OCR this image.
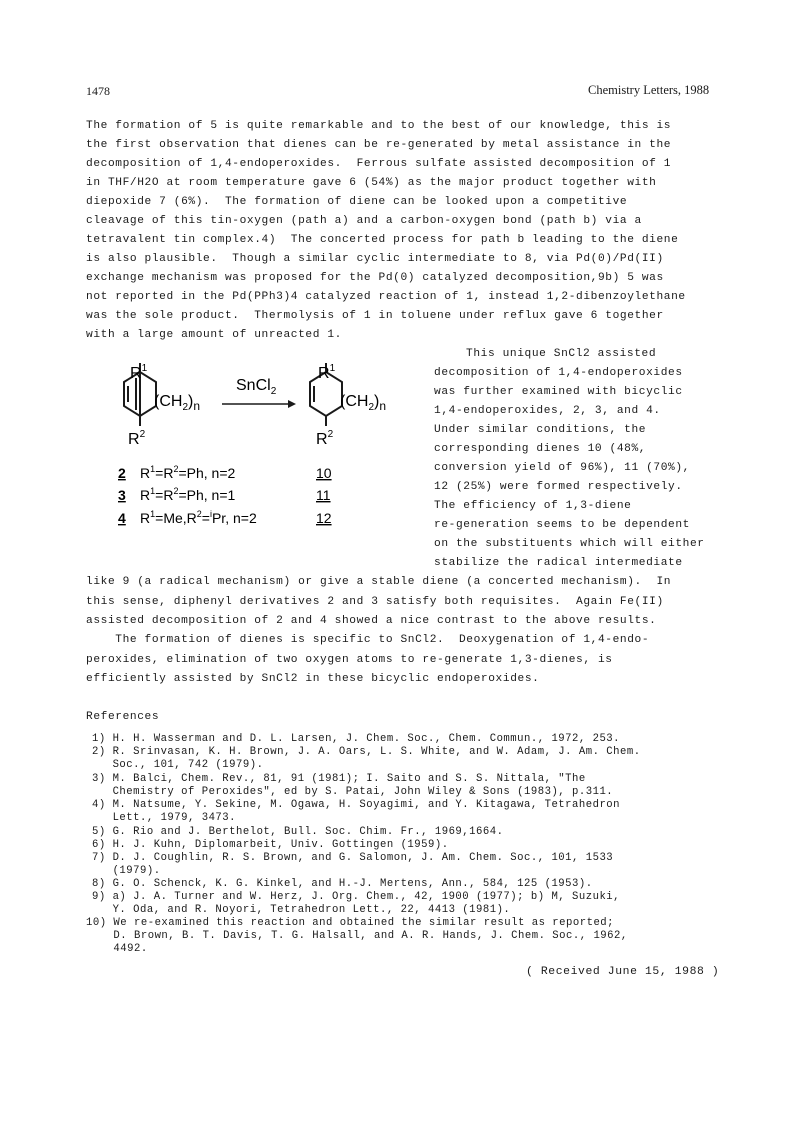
1478	Chemistry Letters, 1988
The formation of 5 is quite remarkable and to the best of our knowledge, this is
the first observation that dienes can be re-generated by metal assistance in the
decomposition of 1,4-endoperoxides.  Ferrous sulfate assisted decomposition of 1
in THF/H2O at room temperature gave 6 (54%) as the major product together with
diepoxide 7 (6%).  The formation of diene can be looked upon a competitive
cleavage of this tin-oxygen (path a) and a carbon-oxygen bond (path b) via a
tetravalent tin complex.4)  The concerted process for path b leading to the diene
is also plausible.  Though a similar cyclic intermediate to 8, via Pd(0)/Pd(II)
exchange mechanism was proposed for the Pd(0) catalyzed decomposition,9b) 5 was
not reported in the Pd(PPh3)4 catalyzed reaction of 1, instead 1,2-dibenzoylethane
was the sole product.  Thermolysis of 1 in toluene under reflux gave 6 together
with a large amount of unreacted 1.
$R^1$
$R^2$
$(CH_2)_n$
SnCl$_2$
$R^1$
$R^2$
$(CH_2)_n$
2 $R^1=R^2=Ph$, n=2	10
3 $R^1=R^2=Ph$, n=1	11
4 $R^1=Me,R^2=^iPr$, n=2	12
This unique SnCl2 assisted
decomposition of 1,4-endoperoxides
was further examined with bicyclic
1,4-endoperoxides, 2, 3, and 4.
Under similar conditions, the
corresponding dienes 10 (48%,
conversion yield of 96%), 11 (70%),
12 (25%) were formed respectively.
The efficiency of 1,3-diene
re-generation seems to be dependent
on the substituents which will either
stabilize the radical intermediate
like 9 (a radical mechanism) or give a stable diene (a concerted mechanism).  In
this sense, diphenyl derivatives 2 and 3 satisfy both requisites.  Again Fe(II)
assisted decomposition of 2 and 4 showed a nice contrast to the above results.
The formation of dienes is specific to SnCl2.  Deoxygenation of 1,4-endo-
peroxides, elimination of two oxygen atoms to re-generate 1,3-dienes, is
efficiently assisted by SnCl2 in these bicyclic endoperoxides.
References
1) H. H. Wasserman and D. L. Larsen, J. Chem. Soc., Chem. Commun., 1972, 253.
2) R. Srinvasan, K. H. Brown, J. A. Oars, L. S. White, and W. Adam, J. Am. Chem.
Soc., 101, 742 (1979).
3) M. Balci, Chem. Rev., 81, 91 (1981); I. Saito and S. S. Nittala, "The
Chemistry of Peroxides", ed by S. Patai, John Wiley & Sons (1983), p.311.
4) M. Natsume, Y. Sekine, M. Ogawa, H. Soyagimi, and Y. Kitagawa, Tetrahedron
Lett., 1979, 3473.
5) G. Rio and J. Berthelot, Bull. Soc. Chim. Fr., 1969,1664.
6) H. J. Kuhn, Diplomarbeit, Univ. Gottingen (1959).
7) D. J. Coughlin, R. S. Brown, and G. Salomon, J. Am. Chem. Soc., 101, 1533
(1979).
8) G. O. Schenck, K. G. Kinkel, and H.-J. Mertens, Ann., 584, 125 (1953).
9) a) J. A. Turner and W. Herz, J. Org. Chem., 42, 1900 (1977); b) M, Suzuki,
Y. Oda, and R. Noyori, Tetrahedron Lett., 22, 4413 (1981).
10) We re-examined this reaction and obtained the similar result as reported;
D. Brown, B. T. Davis, T. G. Halsall, and A. R. Hands, J. Chem. Soc., 1962,
4492.
( Received June 15, 1988 )
